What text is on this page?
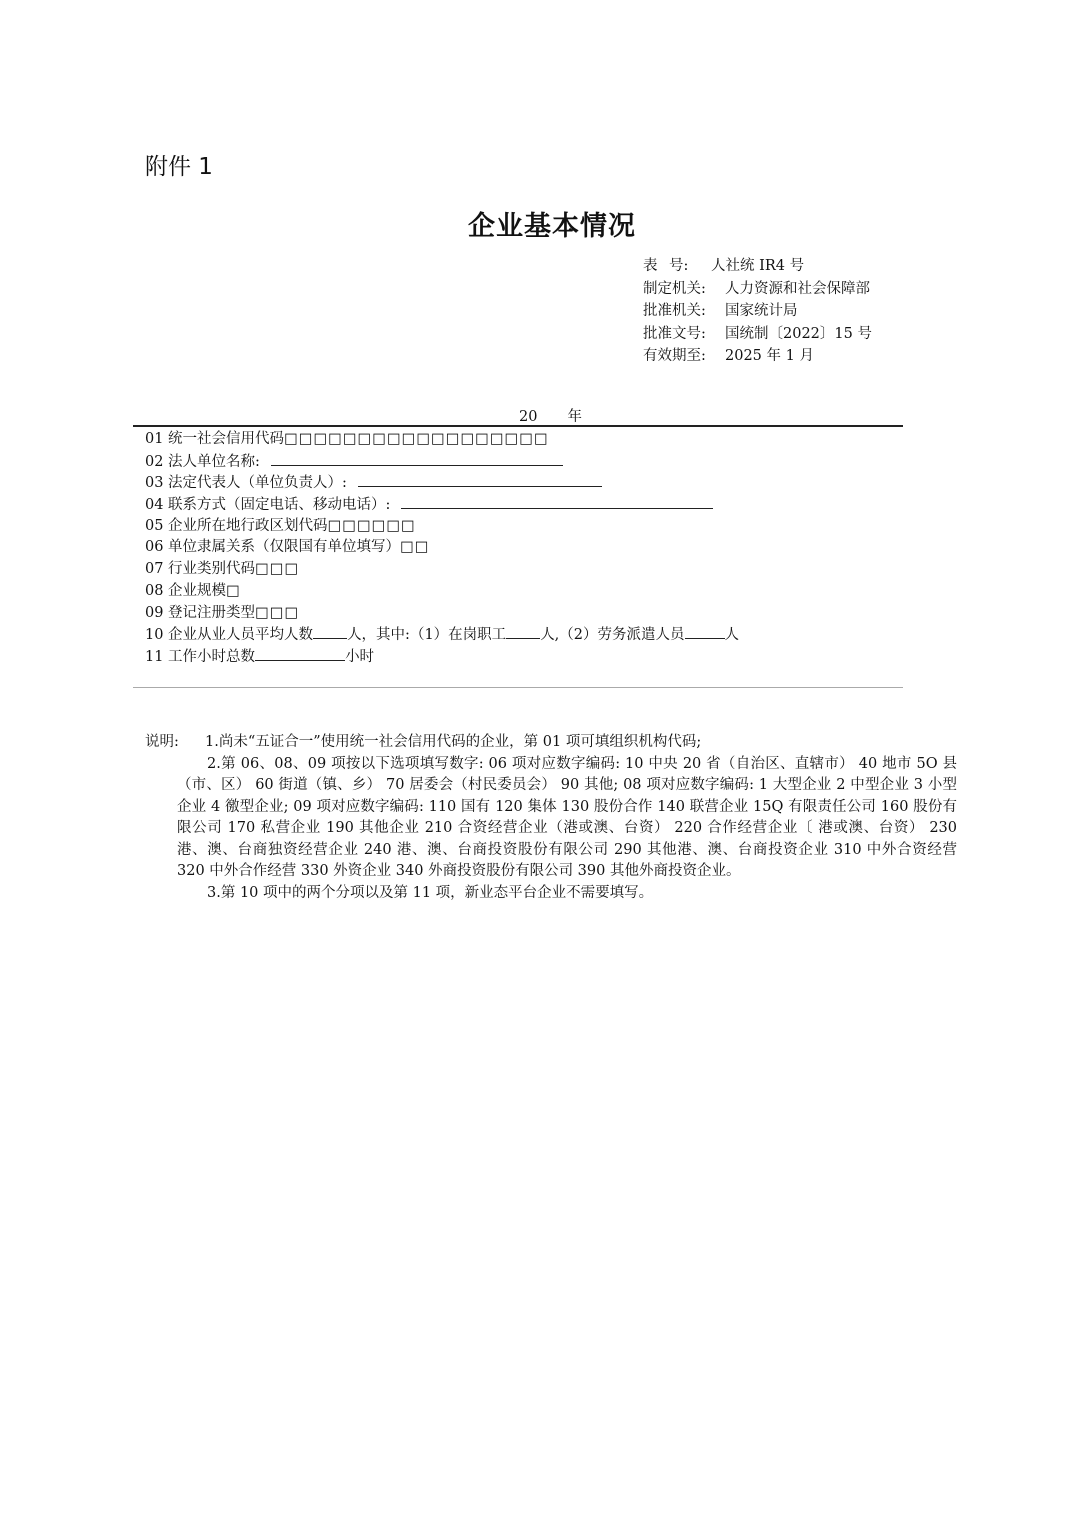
附件 1
企业基本情况
表 号: 人社统 IR4 号
制定机关: 人力资源和社会保障部
批准机关: 国家统计局
批准文号: 国统制〔2022〕15 号
有效期至: 2025 年 1 月
20 年
01 统一社会信用代码□□□□□□□□□□□□□□□□□□
02 法人单位名称:
03 法定代表人（单位负责人）:
04 联系方式（固定电话、移动电话）:
05 企业所在地行政区划代码□□□□□□
06 单位隶属关系（仅限国有单位填写）□□
07 行业类别代码□□□
08 企业规模□
09 登记注册类型□□□
10 企业从业人员平均人数 人，其中:（1）在岗职工 人,（2）劳务派遣人员	人
11 工作小时总数	小时
说明: 1.尚未“五证合一”使用统一社会信用代码的企业，第 01 项可填组织机构代码;
2.第 06、08、09 项按以下选项填写数字: 06 项对应数字编码: 10 中央 20 省（自治区、直辖市） 40 地市 5O 县（市、区） 60 街道（镇、乡） 70 居委会（村民委员会） 90 其他; 08 项对应数字编码: 1 大型企业 2 中型企业 3 小型企业 4 徼型企业; 09 项对应数字编码: 110 国有 120 集体 130 股份合作 140 联营企业 15Q 有限责任公司 160 股份有限公司 170 私营企业 190 其他企业 210 合资经营企业（港或澳、台资） 220 合作经营企业〔 港或澳、台资） 230 港、澳、台商独资经营企业 240 港、澳、台商投资股份有限公司 290 其他港、澳、台商投资企业 310 中外合资经营 320 中外合作经营 330 外资企业 340 外商投资股份有限公司 390 其他外商投资企业。
3.第 10 项中的两个分项以及第 11 项，新业态平台企业不需要填写。
